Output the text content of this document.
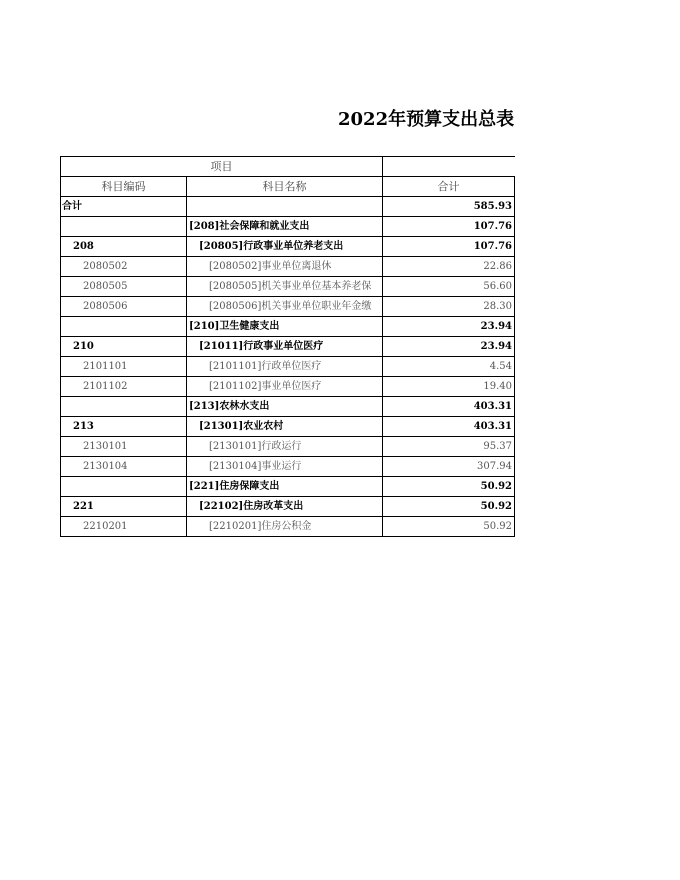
2022年预算支出总表
项目		
科目编码	科目名称	合计
合计		585.93
	[208]社会保障和就业支出	107.76
208	[20805]行政事业单位养老支出	107.76
2080502	[2080502]事业单位离退休	22.86
2080505	[2080505]机关事业单位基本养老保	56.60
2080506	[2080506]机关事业单位职业年金缴	28.30
	[210]卫生健康支出	23.94
210	[21011]行政事业单位医疗	23.94
2101101	[2101101]行政单位医疗	4.54
2101102	[2101102]事业单位医疗	19.40
	[213]农林水支出	403.31
213	[21301]农业农村	403.31
2130101	[2130101]行政运行	95.37
2130104	[2130104]事业运行	307.94
	[221]住房保障支出	50.92
221	[22102]住房改革支出	50.92
2210201	[2210201]住房公积金	50.92
